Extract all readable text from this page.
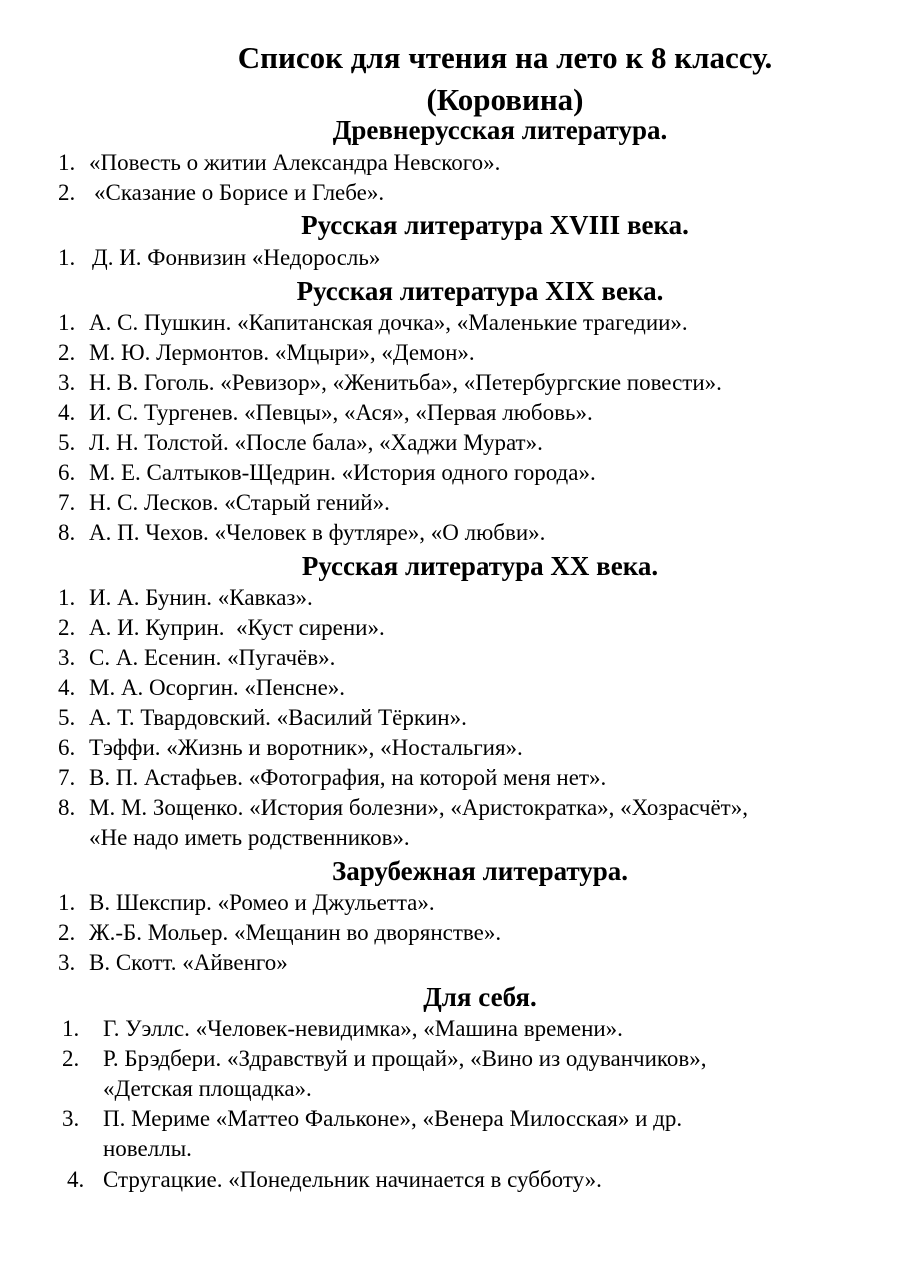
Список для чтения на лето к 8 классу.
(Коровина)
Древнерусская литература.
1. «Повесть о житии Александра Невского».
2. «Сказание о Борисе и Глебе».
Русская литература XVIII века.
1. Д. И. Фонвизин «Недоросль»
Русская литература XIX века.
1. А. С. Пушкин. «Капитанская дочка», «Маленькие трагедии».
2. М. Ю. Лермонтов. «Мцыри», «Демон».
3. Н. В. Гоголь. «Ревизор», «Женитьба», «Петербургские повести».
4. И. С. Тургенев. «Певцы», «Ася», «Первая любовь».
5. Л. Н. Толстой. «После бала», «Хаджи Мурат».
6. М. Е. Салтыков-Щедрин. «История одного города».
7. Н. С. Лесков. «Старый гений».
8. А. П. Чехов. «Человек в футляре», «О любви».
Русская литература XX века.
1. И. А. Бунин. «Кавказ».
2. А. И. Куприн.  «Куст сирени».
3. С. А. Есенин. «Пугачёв».
4. М. А. Осоргин. «Пенсне».
5. А. Т. Твардовский. «Василий Тёркин».
6. Тэффи. «Жизнь и воротник», «Ностальгия».
7. В. П. Астафьев. «Фотография, на которой меня нет».
8. М. М. Зощенко. «История болезни», «Аристократка», «Хозрасчёт»,
«Не надо иметь родственников».
Зарубежная литература.
1. В. Шекспир. «Ромео и Джульетта».
2. Ж.-Б. Мольер. «Мещанин во дворянстве».
3. В. Скотт. «Айвенго»
Для себя.
1. Г. Уэллс. «Человек-невидимка», «Машина времени».
2. Р. Брэдбери. «Здравствуй и прощай», «Вино из одуванчиков»,
«Детская площадка».
3. П. Мериме «Маттео Фальконе», «Венера Милосская» и др.
новеллы.
4. Стругацкие. «Понедельник начинается в субботу».
